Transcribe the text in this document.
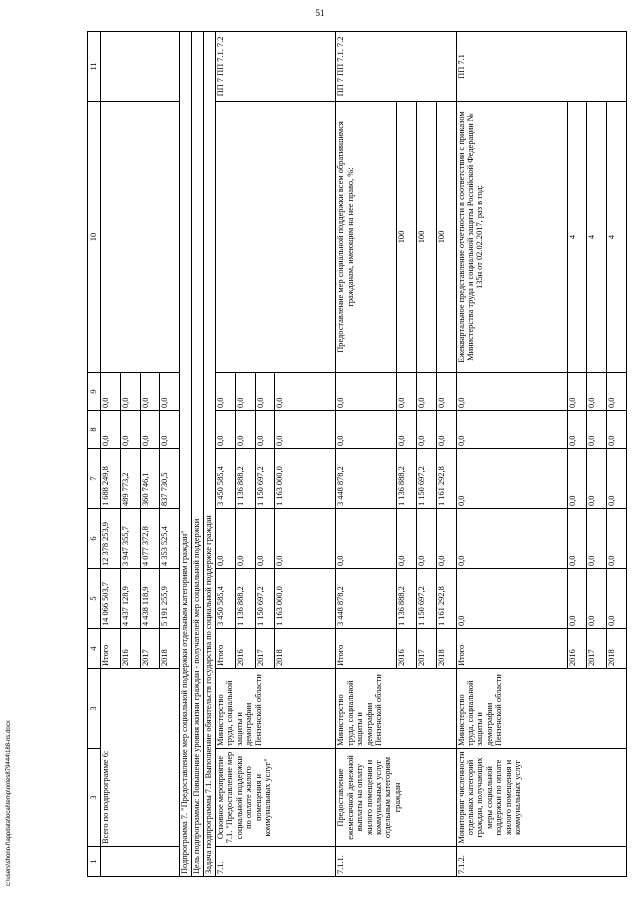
51
c:\users\shorin-f\appdata\local\temp\notes879444\188-ns.docx	1	3	3	4	5	6	7	8	9	10	11
	Всего по подпрограмме 6:		Итого	14 066 503,7	12 378 253,9	1 688 249,8	0,0	0,0		
			2016	4 437 128,9	3 947 355,7	489 773,2	0,0	0,0		
			2017	4 438 118,9	4 077 372,8	360 746,1	0,0	0,0		
			2018	5 191 255,9	4 353 525,4	837 730,5	0,0	0,0		
Подпрограмма 7. "Предоставление мер социальной поддержки отдельным категориям граждан"										
Цель подпрограммы: Повышение уровня жизни граждан - получателей мер социальной поддержки										
Задача подпрограммы 7.1. Выполнение обязательств государства по социальной поддержке граждан										
7.1.	Основное мероприятие 7.1. "Предоставление мер социальной поддержки по оплате жилого помещения и коммунальных услуг"	Министерство труда, социальной защиты и демографии Пензенской области	Итого	3 450 585,4	0,0	3 450 585,4	0,0	0,0		ПП 7 ПП 7.1. 7.2
			2016	1 136 888,2	0,0	1 136 888,2	0,0	0,0		
			2017	1 150 697,2	0,0	1 150 697,2	0,0	0,0		
			2018	1 163 000,0	0,0	1 163 000,0	0,0	0,0		
7.1.1.	Предоставление ежемесячной денежной выплаты на оплату жилого помещения и коммунальных услуг отдельным категориям граждан	Министерство труда, социальной защиты и демографии Пензенской области	Итого	3 448 878,2	0,0	3 448 878,2	0,0	0,0	Предоставление мер социальной поддержки всем обратившимся гражданам, имеющим на нее право, %:	ПП 7 ПП 7.1. 7.2
			2016	1 136 888,2	0,0	1 136 888,2	0,0	0,0	100	
			2017	1 150 697,2	0,0	1 150 697,2	0,0	0,0	100	
			2018	1 161 292,8	0,0	1 161 292,8	0,0	0,0	100	
7.1.2.	Мониторинг численности отдельных категорий граждан, получающих меры социальной поддержки по оплате жилого помещения и коммунальных услуг	Министерство труда, социальной защиты и демографии Пензенской области	Итого	0,0	0,0	0,0	0,0	0,0	Ежеквартальное представление отчетности в соответствии с приказом Министерства труда и социальной защиты Российской Федерации № 135н от 02.02.2017, раз в год:	ПП 7.1
			2016	0,0	0,0	0,0	0,0	0,0	4	
			2017	0,0	0,0	0,0	0,0	0,0	4	
			2018	0,0	0,0	0,0	0,0	0,0	4	
